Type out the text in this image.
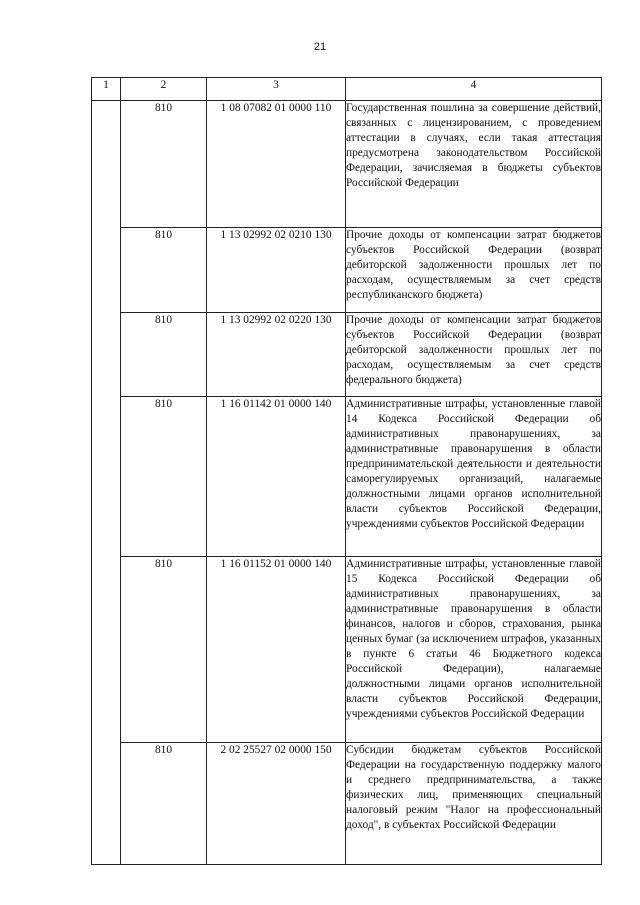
21
1	2	3	4
	810	1 08 07082 01 0000 110	Государственная пошлина за совершение действий, связанных с лицензированием, с проведением аттестации в случаях, если такая аттестация предусмотрена законодательством Российской Федерации, зачисляемая в бюджеты субъектов Российской Федерации

	810	1 13 02992 02 0210 130	Прочие доходы от компенсации затрат бюджетов субъектов Российской Федерации (возврат дебиторской задолженности прошлых лет по расходам, осуществляемым за счет средств республиканского бюджета)

	810	1 13 02992 02 0220 130	Прочие доходы от компенсации затрат бюджетов субъектов Российской Федерации (возврат дебиторской задолженности прошлых лет по расходам, осуществляемым за счет средств федерального бюджета)

	810	1 16 01142 01 0000 140	Административные штрафы, установленные главой 14 Кодекса Российской Федерации об административных правонарушениях, за административные правонарушения в области предпринимательской деятельности и деятельности саморегулируемых организаций, налагаемые должностными лицами органов исполнительной власти субъектов Российской Федерации, учреждениями субъектов Российской Федерации

	810	1 16 01152 01 0000 140	Административные штрафы, установленные главой 15 Кодекса Российской Федерации об административных правонарушениях, за административные правонарушения в области финансов, налогов и сборов, страхования, рынка ценных бумаг (за исключением штрафов, указанных в пункте 6 статьи 46 Бюджетного кодекса Российской Федерации), налагаемые должностными лицами органов исполнительной власти субъектов Российской Федерации, учреждениями субъектов Российской Федерации

	810	2 02 25527 02 0000 150	Субсидии бюджетам субъектов Российской Федерации на государственную поддержку малого и среднего предпринимательства, а также физических лиц, применяющих специальный налоговый режим "Налог на профессиональный доход", в субъектах Российской Федерации
